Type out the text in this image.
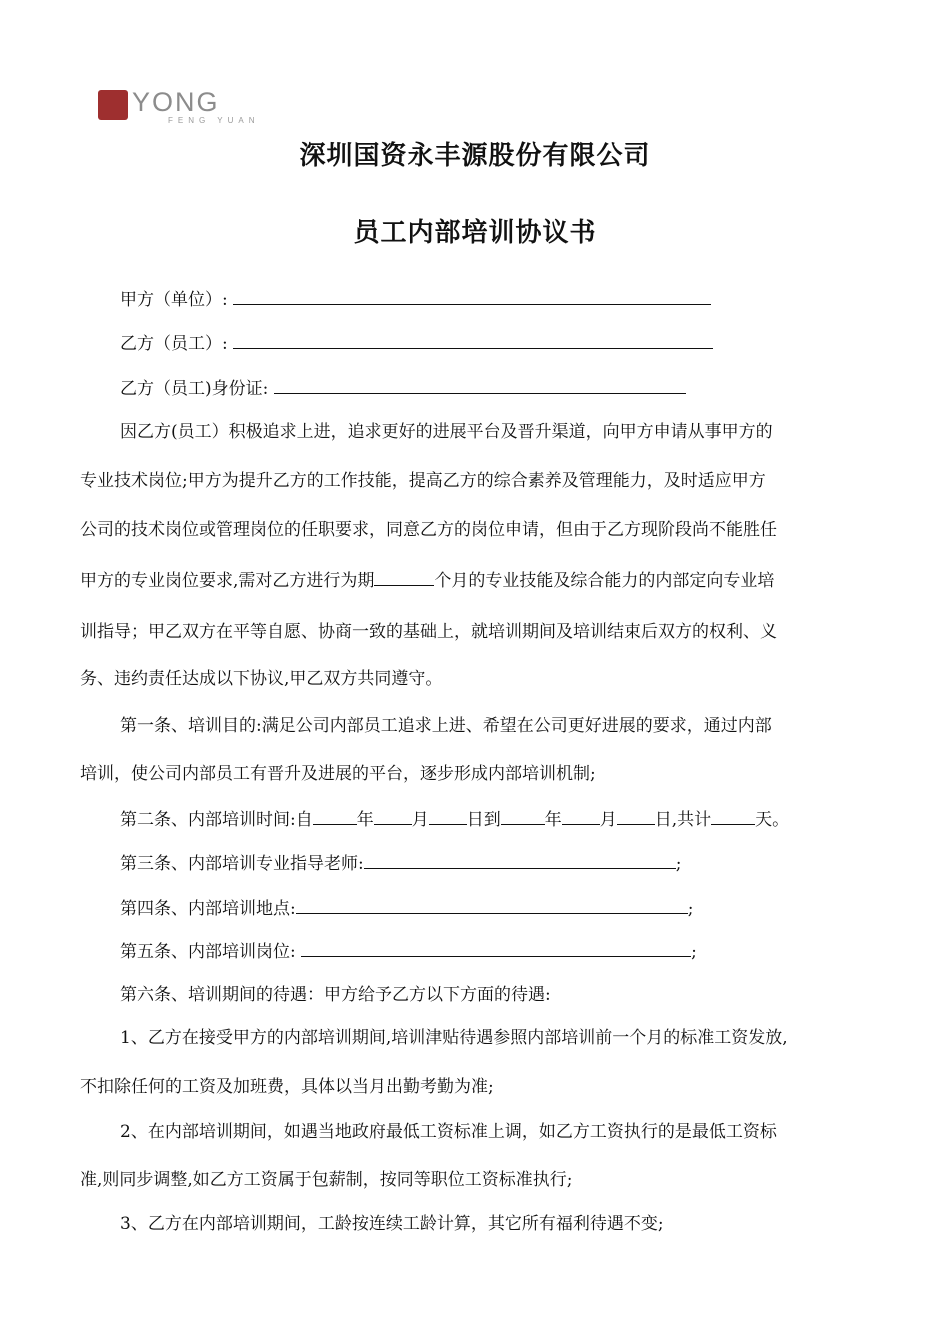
YONG
FENG YUAN
深圳国资永丰源股份有限公司
员工内部培训协议书
甲方（单位）:
乙方（员工）:
乙方（员工)身份证:
因乙方(员工）积极追求上进，追求更好的进展平台及晋升渠道，向甲方申请从事甲方的
专业技术岗位;甲方为提升乙方的工作技能，提高乙方的综合素养及管理能力，及时适应甲方
公司的技术岗位或管理岗位的任职要求，同意乙方的岗位申请，但由于乙方现阶段尚不能胜任
甲方的专业岗位要求,需对乙方进行为期	个月的专业技能及综合能力的内部定向专业培
训指导；甲乙双方在平等自愿、协商一致的基础上，就培训期间及培训结束后双方的权利、义
务、违约责任达成以下协议,甲乙双方共同遵守。
第一条、培训目的:满足公司内部员工追求上进、希望在公司更好进展的要求，通过内部
培训，使公司内部员工有晋升及进展的平台，逐步形成内部培训机制;
第二条、内部培训时间:自	年 月 日到	年 月 日,共计	天。
第三条、内部培训专业指导老师:	;
第四条、内部培训地点:	;
第五条、内部培训岗位:	;
第六条、培训期间的待遇：甲方给予乙方以下方面的待遇:
1、乙方在接受甲方的内部培训期间,培训津贴待遇参照内部培训前一个月的标准工资发放,
不扣除任何的工资及加班费，具体以当月出勤考勤为准;
2、在内部培训期间，如遇当地政府最低工资标准上调，如乙方工资执行的是最低工资标
准,则同步调整,如乙方工资属于包薪制，按同等职位工资标准执行;
3、乙方在内部培训期间，工龄按连续工龄计算，其它所有福利待遇不变;
